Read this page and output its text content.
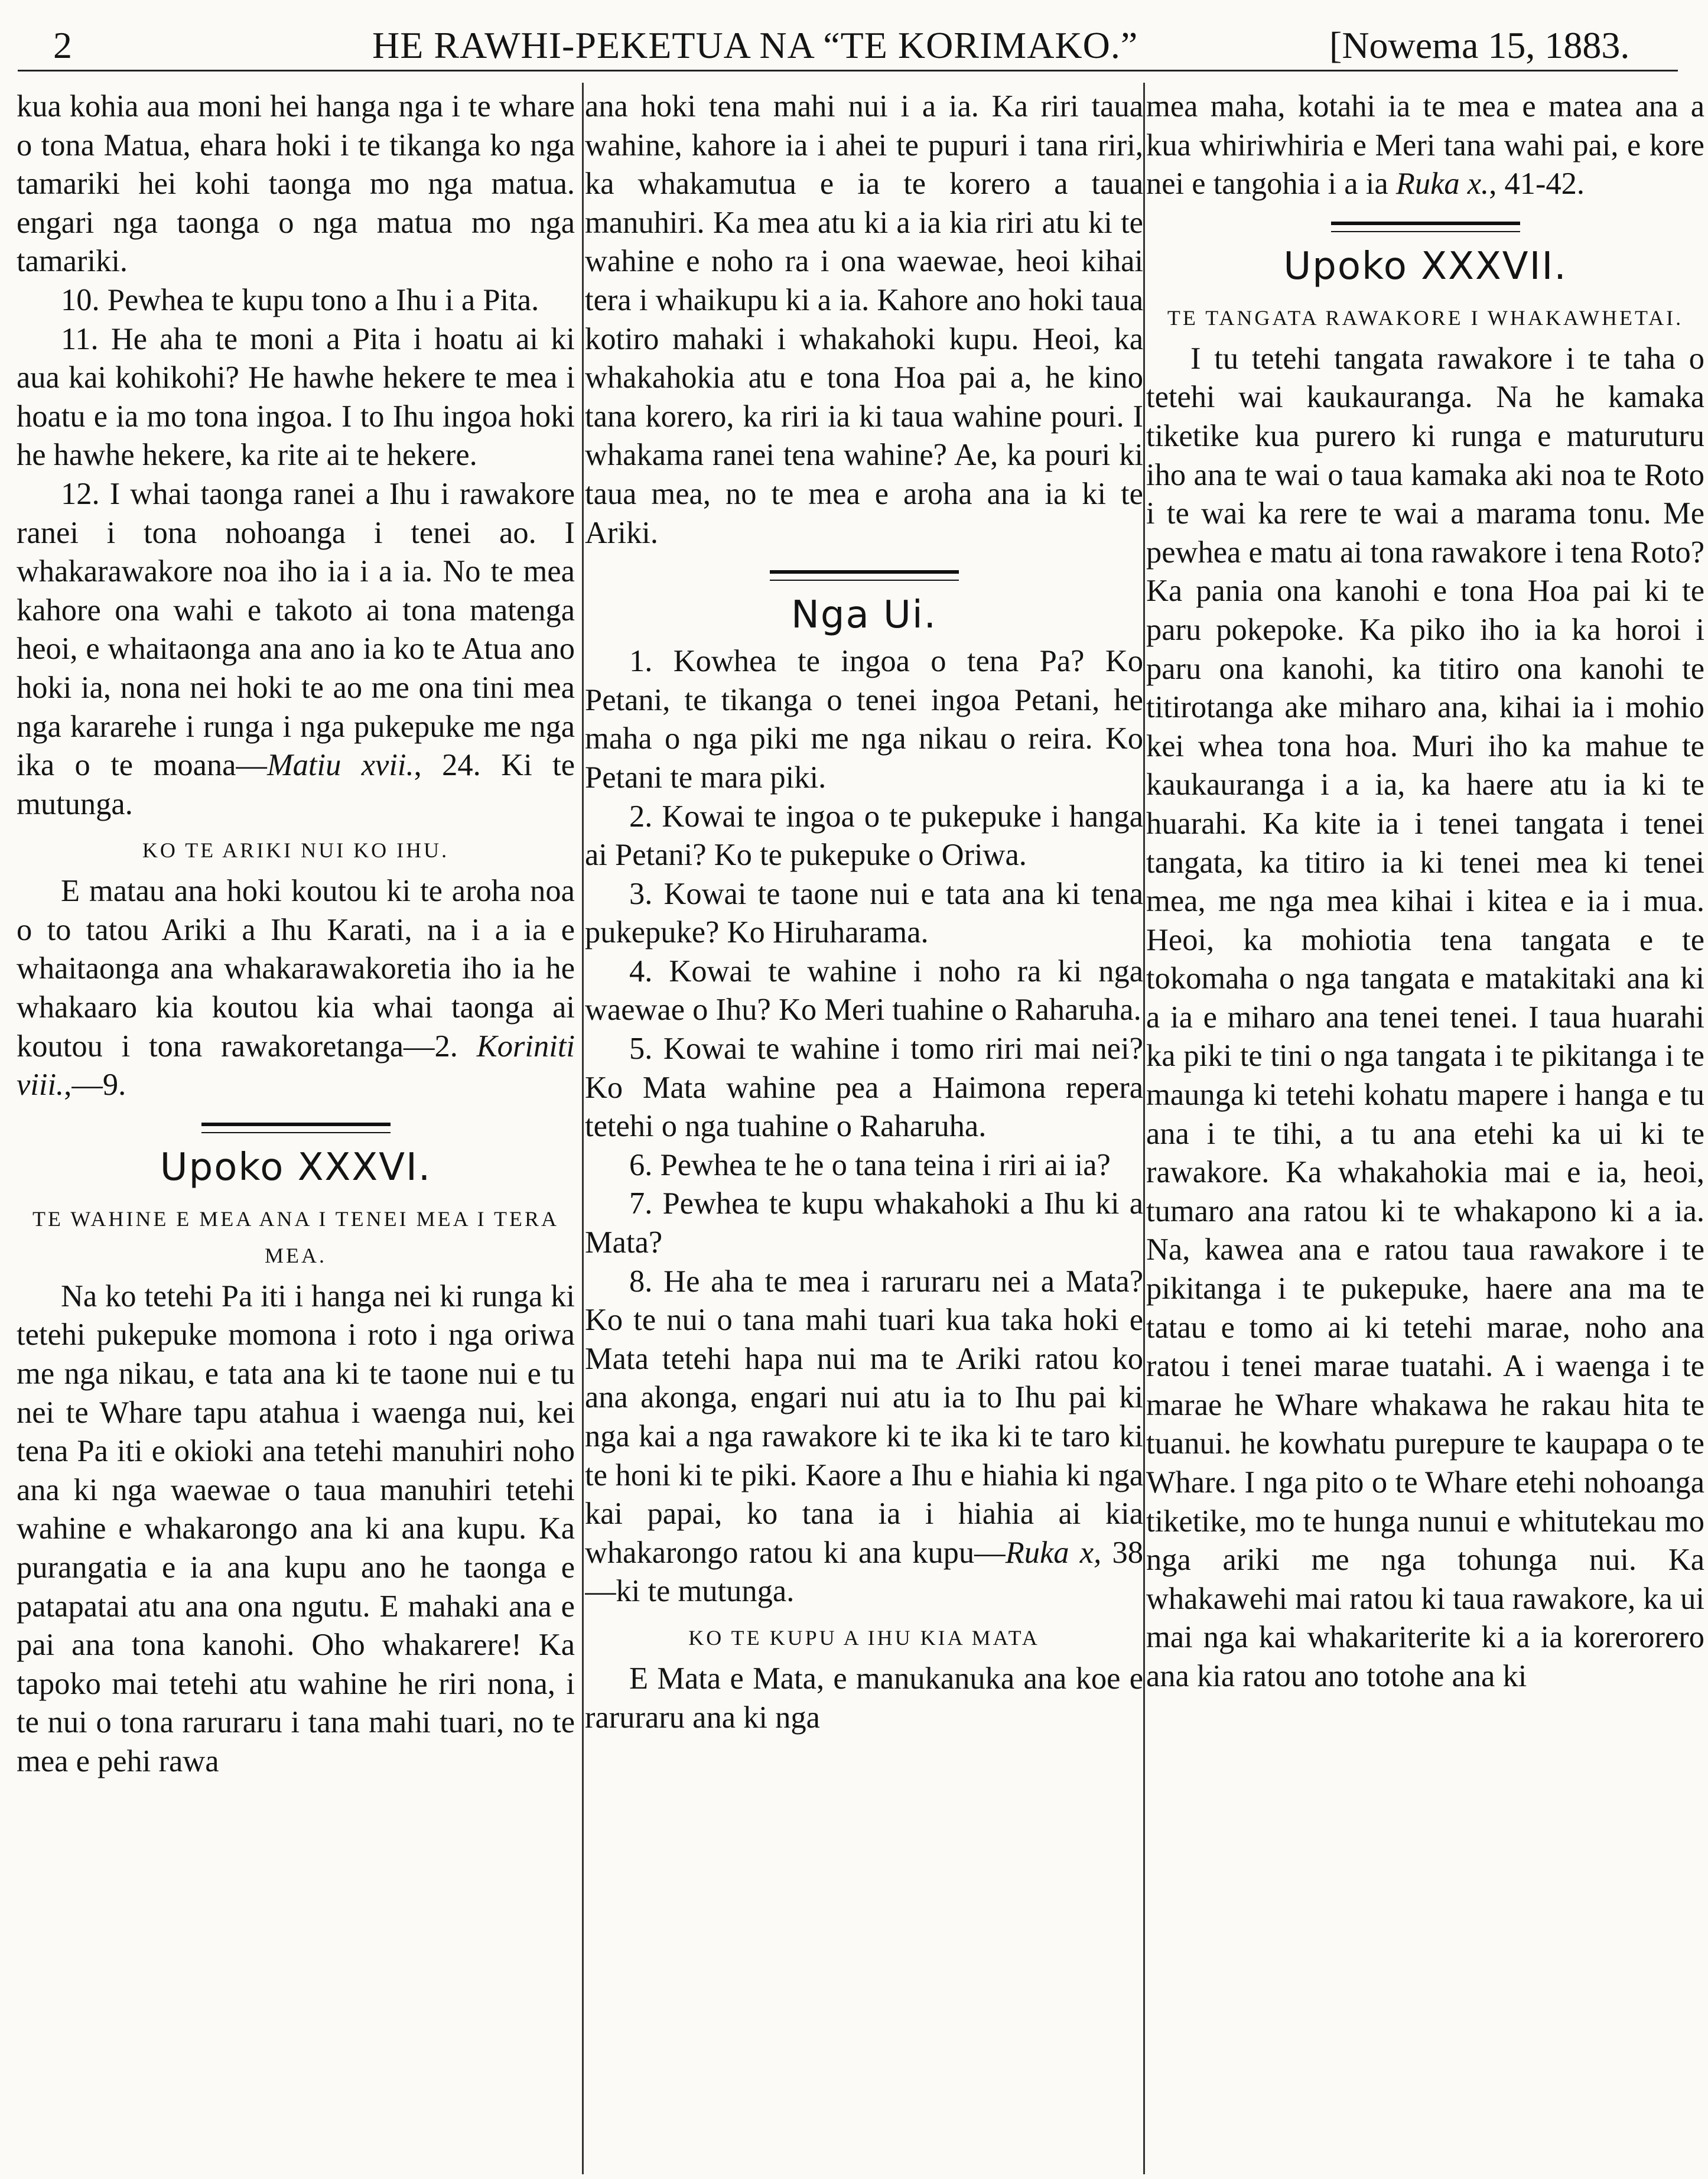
2	HE RAWHI-PEKETUA NA “TE KORIMAKO.”	[Nowema 15, 1883.

kua kohia aua moni hei hanga nga i te whare o tona Matua, ehara hoki i te tikanga ko nga tamariki hei kohi taonga mo nga matua. engari nga taonga o nga matua mo nga tamariki.

10. Pewhea te kupu tono a Ihu i a Pita.

11. He aha te moni a Pita i hoatu ai ki aua kai kohikohi? He hawhe hekere te mea i hoatu e ia mo tona ingoa. I to Ihu ingoa hoki he hawhe hekere, ka rite ai te hekere.

12. I whai taonga ranei a Ihu i rawakore ranei i tona nohoanga i tenei ao. I whakarawakore noa iho ia i a ia. No te mea kahore ona wahi e takoto ai tona matenga heoi, e whaitaonga ana ano ia ko te Atua ano hoki ia, nona nei hoki te ao me ona tini mea nga kararehe i runga i nga pukepuke me nga ika o te moana—Matiu xvii., 24. Ki te mutunga.

KO TE ARIKI NUI KO IHU.

E matau ana hoki koutou ki te aroha noa o to tatou Ariki a Ihu Karati, na i a ia e whaitaonga ana whakarawakoretia iho ia he whakaaro kia koutou kia whai taonga ai koutou i tona rawakoretanga—2. Koriniti viii.,—9.

Upoko XXXVI.
TE WAHINE E MEA ANA I TENEI MEA I TERA MEA.

Na ko tetehi Pa iti i hanga nei ki runga ki tetehi pukepuke momona i roto i nga oriwa me nga nikau, e tata ana ki te taone nui e tu nei te Whare tapu atahua i waenga nui, kei tena Pa iti e okioki ana tetehi manuhiri noho ana ki nga waewae o taua manuhiri tetehi wahine e whakarongo ana ki ana kupu. Ka purangatia e ia ana kupu ano he taonga e patapatai atu ana ona ngutu. E mahaki ana e pai ana tona kanohi. Oho whakarere! Ka tapoko mai tetehi atu wahine he riri nona, i te nui o tona raruraru i tana mahi tuari, no te mea e pehi rawa

ana hoki tena mahi nui i a ia. Ka riri taua wahine, kahore ia i ahei te pupuri i tana riri, ka whakamutua e ia te korero a taua manuhiri. Ka mea atu ki a ia kia riri atu ki te wahine e noho ra i ona waewae, heoi kihai tera i whaikupu ki a ia. Kahore ano hoki taua kotiro mahaki i whakahoki kupu. Heoi, ka whakahokia atu e tona Hoa pai a, he kino tana korero, ka riri ia ki taua wahine pouri. I whakama ranei tena wahine? Ae, ka pouri ki taua mea, no te mea e aroha ana ia ki te Ariki.

Nga Ui.

1. Kowhea te ingoa o tena Pa? Ko Petani, te tikanga o tenei ingoa Petani, he maha o nga piki me nga nikau o reira. Ko Petani te mara piki.

2. Kowai te ingoa o te pukepuke i hanga ai Petani? Ko te pukepuke o Oriwa.

3. Kowai te taone nui e tata ana ki tena pukepuke? Ko Hiruharama.

4. Kowai te wahine i noho ra ki nga waewae o Ihu? Ko Meri tuahine o Raharuha.

5. Kowai te wahine i tomo riri mai nei? Ko Mata wahine pea a Haimona repera tetehi o nga tuahine o Raharuha.

6. Pewhea te he o tana teina i riri ai ia?

7. Pewhea te kupu whakahoki a Ihu ki a Mata?

8. He aha te mea i raruraru nei a Mata? Ko te nui o tana mahi tuari kua taka hoki e Mata tetehi hapa nui ma te Ariki ratou ko ana akonga, engari nui atu ia to Ihu pai ki nga kai a nga rawakore ki te ika ki te taro ki te honi ki te piki. Kaore a Ihu e hiahia ki nga kai papai, ko tana ia i hiahia ai kia whakarongo ratou ki ana kupu—Ruka x, 38—ki te mutunga.

KO TE KUPU A IHU KIA MATA

E Mata e Mata, e manukanuka ana koe e raruraru ana ki nga

mea maha, kotahi ia te mea e matea ana a kua whiriwhiria e Meri tana wahi pai, e kore nei e tangohia i a ia Ruka x., 41-42.

Upoko XXXVII.
TE TANGATA RAWAKORE I WHAKAWHETAI.

I tu tetehi tangata rawakore i te taha o tetehi wai kaukauranga. Na he kamaka tiketike kua purero ki runga e maturuturu iho ana te wai o taua kamaka aki noa te Roto i te wai ka rere te wai a marama tonu. Me pewhea e matu ai tona rawakore i tena Roto? Ka pania ona kanohi e tona Hoa pai ki te paru pokepoke. Ka piko iho ia ka horoi i paru ona kanohi, ka titiro ona kanohi te titirotanga ake miharo ana, kihai ia i mohio kei whea tona hoa. Muri iho ka mahue te kaukauranga i a ia, ka haere atu ia ki te huarahi. Ka kite ia i tenei tangata i tenei tangata, ka titiro ia ki tenei mea ki tenei mea, me nga mea kihai i kitea e ia i mua. Heoi, ka mohiotia tena tangata e te tokomaha o nga tangata e matakitaki ana ki a ia e miharo ana tenei tenei. I taua huarahi ka piki te tini o nga tangata i te pikitanga i te maunga ki tetehi kohatu mapere i hanga e tu ana i te tihi, a tu ana etehi ka ui ki te rawakore. Ka whakahokia mai e ia, heoi, tumaro ana ratou ki te whakapono ki a ia. Na, kawea ana e ratou taua rawakore i te pikitanga i te pukepuke, haere ana ma te tatau e tomo ai ki tetehi marae, noho ana ratou i tenei marae tuatahi. A i waenga i te marae he Whare whakawa he rakau hita te tuanui. he kowhatu purepure te kaupapa o te Whare. I nga pito o te Whare etehi nohoanga tiketike, mo te hunga nunui e whitutekau mo nga ariki me nga tohunga nui. Ka whakawehi mai ratou ki taua rawakore, ka ui mai nga kai whakariterite ki a ia korerorero ana kia ratou ano totohe ana ki
